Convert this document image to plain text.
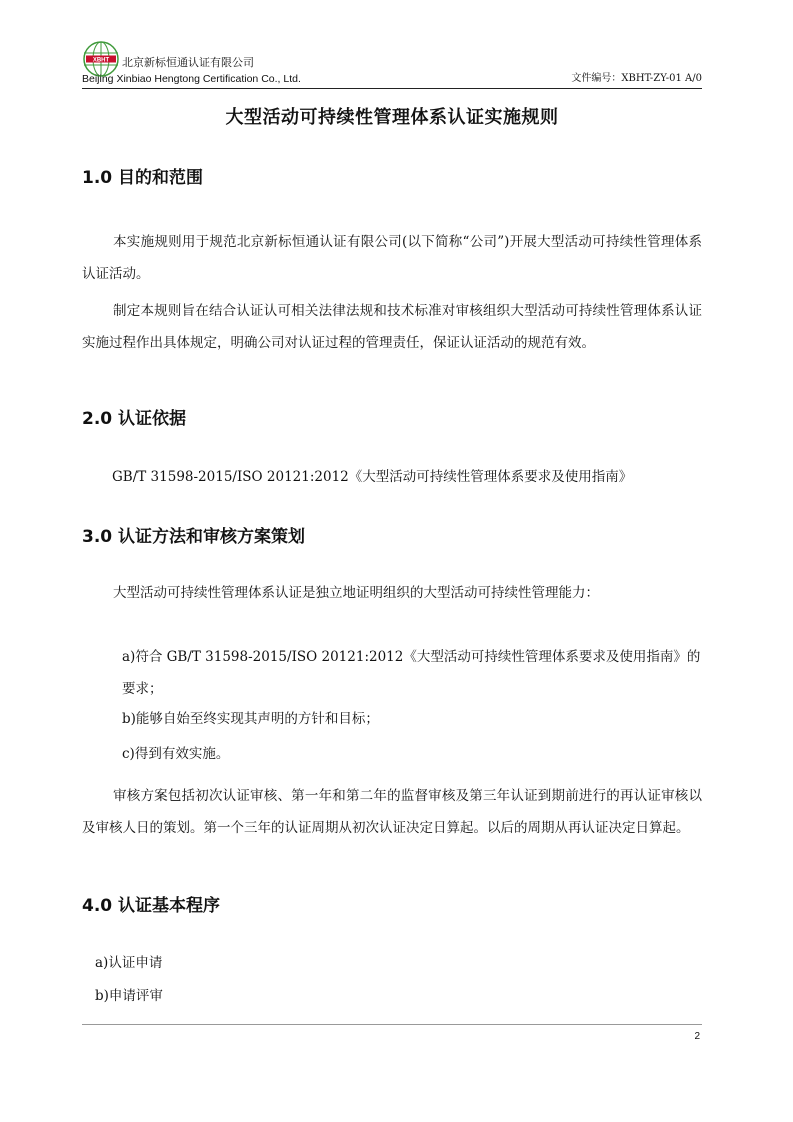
XBHT 北京新标恒通认证有限公司
Beijing Xinbiao Hengtong Certification Co., Ltd.	文件编号：XBHT-ZY-01 A/0
大型活动可持续性管理体系认证实施规则
1.0 目的和范围
本实施规则用于规范北京新标恒通认证有限公司(以下简称“公司”)开展大型活动可持续性管理体系认证活动。
制定本规则旨在结合认证认可相关法律法规和技术标准对审核组织大型活动可持续性管理体系认证实施过程作出具体规定，明确公司对认证过程的管理责任，保证认证活动的规范有效。
2.0 认证依据
GB/T 31598-2015/ISO 20121:2012《大型活动可持续性管理体系要求及使用指南》
3.0 认证方法和审核方案策划
大型活动可持续性管理体系认证是独立地证明组织的大型活动可持续性管理能力：
a)符合 GB/T 31598-2015/ISO 20121:2012《大型活动可持续性管理体系要求及使用指南》的要求；
b)能够自始至终实现其声明的方针和目标；
c)得到有效实施。
审核方案包括初次认证审核、第一年和第二年的监督审核及第三年认证到期前进行的再认证审核以及审核人日的策划。第一个三年的认证周期从初次认证决定日算起。以后的周期从再认证决定日算起。
4.0 认证基本程序
a)认证申请
b)申请评审
2
